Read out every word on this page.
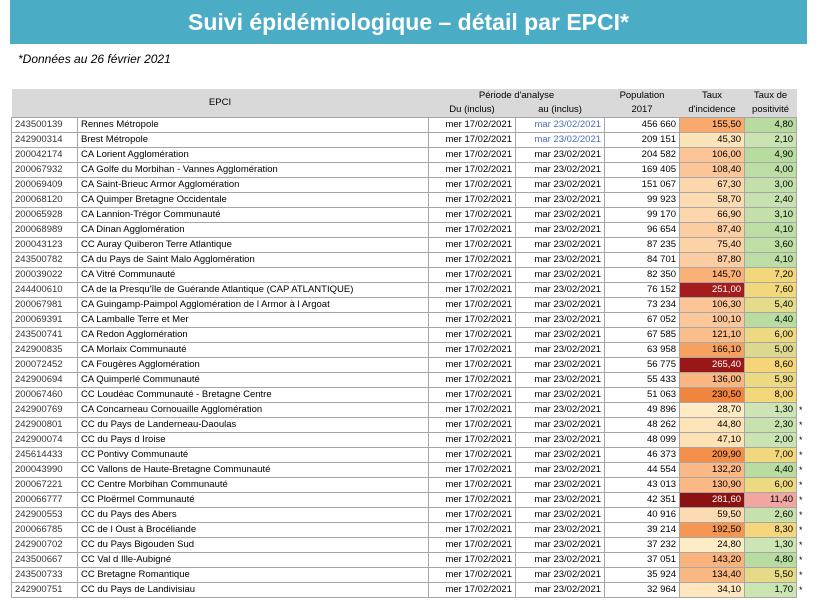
Suivi épidémiologique – détail par EPCI*
*Données au 26 février 2021
EPCI		Période d'analyse		Population	Taux	Taux de	
		Du (inclus)	au (inclus)	2017	d'incidence	positivité	
243500139	Rennes Métropole	mer 17/02/2021	mar 23/02/2021	456 660	155,50	4,80	
242900314	Brest Métropole	mer 17/02/2021	mar 23/02/2021	209 151	45,30	2,10	
200042174	CA Lorient Agglomération	mer 17/02/2021	mar 23/02/2021	204 582	106,00	4,90	
200067932	CA Golfe du Morbihan - Vannes Agglomération	mer 17/02/2021	mar 23/02/2021	169 405	108,40	4,00	
200069409	CA Saint-Brieuc Armor Agglomération	mer 17/02/2021	mar 23/02/2021	151 067	67,30	3,00	
200068120	CA Quimper Bretagne Occidentale	mer 17/02/2021	mar 23/02/2021	99 923	58,70	2,40	
200065928	CA Lannion-Trégor Communauté	mer 17/02/2021	mar 23/02/2021	99 170	66,90	3,10	
200068989	CA Dinan Agglomération	mer 17/02/2021	mar 23/02/2021	96 654	87,40	4,10	
200043123	CC Auray Quiberon Terre Atlantique	mer 17/02/2021	mar 23/02/2021	87 235	75,40	3,60	
243500782	CA du Pays de Saint Malo Agglomération	mer 17/02/2021	mar 23/02/2021	84 701	87,80	4,10	
200039022	CA Vitré Communauté	mer 17/02/2021	mar 23/02/2021	82 350	145,70	7,20	
244400610	CA de la Presqu'île de Guérande Atlantique (CAP ATLANTIQUE)	mer 17/02/2021	mar 23/02/2021	76 152	251,00	7,60	
200067981	CA Guingamp-Paimpol Agglomération de l Armor à l Argoat	mer 17/02/2021	mar 23/02/2021	73 234	106,30	5,40	
200069391	CA Lamballe Terre et Mer	mer 17/02/2021	mar 23/02/2021	67 052	100,10	4,40	
243500741	CA Redon Agglomération	mer 17/02/2021	mar 23/02/2021	67 585	121,10	6,00	
242900835	CA Morlaix Communauté	mer 17/02/2021	mar 23/02/2021	63 958	166,10	5,00	
200072452	CA Fougères Agglomération	mer 17/02/2021	mar 23/02/2021	56 775	265,40	8,60	
242900694	CA Quimperlé Communauté	mer 17/02/2021	mar 23/02/2021	55 433	136,00	5,90	
200067460	CC Loudéac Communauté - Bretagne Centre	mer 17/02/2021	mar 23/02/2021	51 063	230,50	8,00	
242900769	CA Concarneau Cornouaille Agglomération	mer 17/02/2021	mar 23/02/2021	49 896	28,70	1,30	*
242900801	CC du Pays de Landerneau-Daoulas	mer 17/02/2021	mar 23/02/2021	48 262	44,80	2,30	*
242900074	CC du Pays d Iroise	mer 17/02/2021	mar 23/02/2021	48 099	47,10	2,00	*
245614433	CC Pontivy Communauté	mer 17/02/2021	mar 23/02/2021	46 373	209,90	7,00	*
200043990	CC Vallons de Haute-Bretagne Communauté	mer 17/02/2021	mar 23/02/2021	44 554	132,20	4,40	*
200067221	CC Centre Morbihan Communauté	mer 17/02/2021	mar 23/02/2021	43 013	130,90	6,00	*
200066777	CC Ploërmel Communauté	mer 17/02/2021	mar 23/02/2021	42 351	281,60	11,40	*
242900553	CC du Pays des Abers	mer 17/02/2021	mar 23/02/2021	40 916	59,50	2,60	*
200066785	CC de l Oust à Brocéliande	mer 17/02/2021	mar 23/02/2021	39 214	192,50	8,30	*
242900702	CC du Pays Bigouden Sud	mer 17/02/2021	mar 23/02/2021	37 232	24,80	1,30	*
243500667	CC Val d Ille-Aubigné	mer 17/02/2021	mar 23/02/2021	37 051	143,20	4,80	*
243500733	CC Bretagne Romantique	mer 17/02/2021	mar 23/02/2021	35 924	134,40	5,50	*
242900751	CC du Pays de Landivisiau	mer 17/02/2021	mar 23/02/2021	32 964	34,10	1,70	*
